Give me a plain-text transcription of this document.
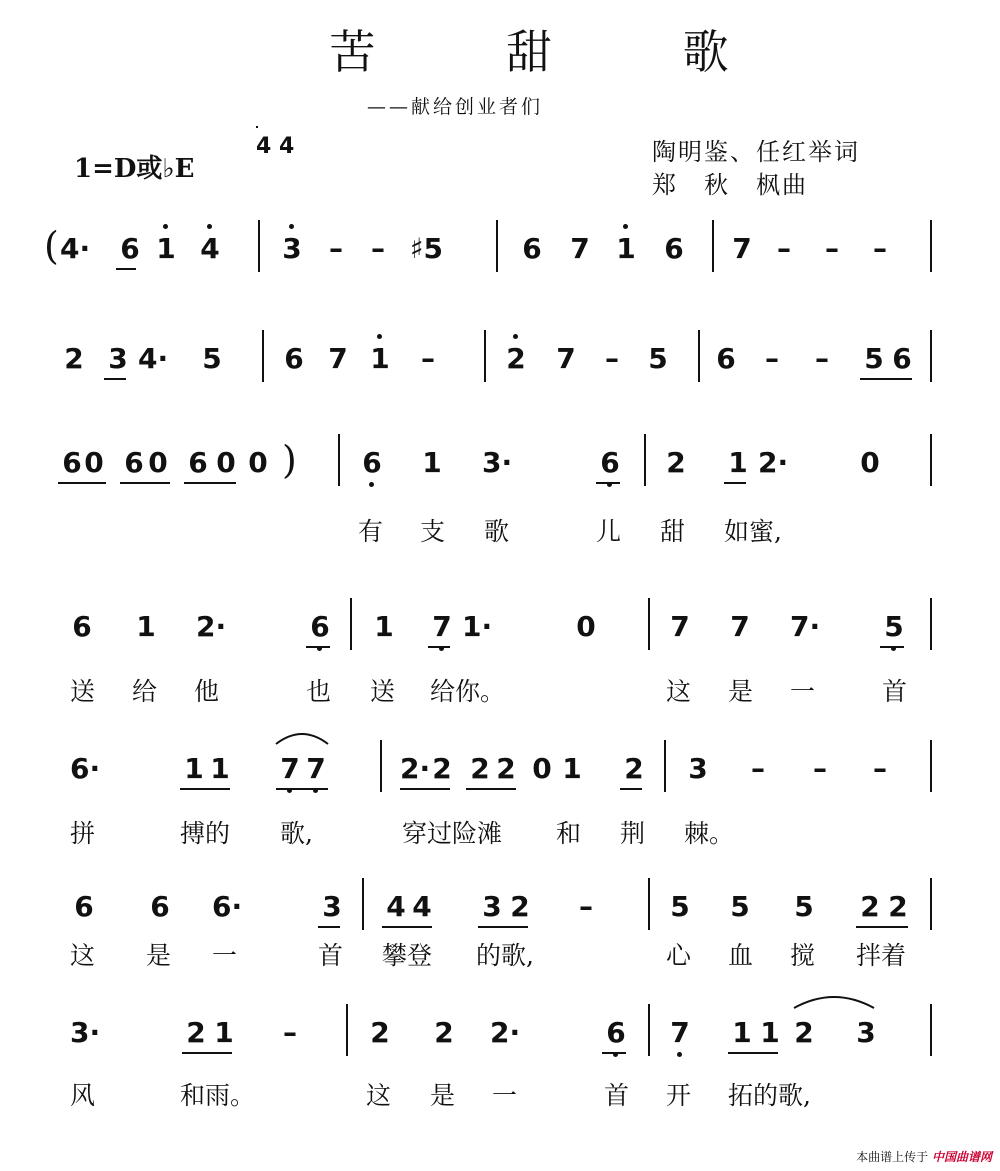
苦 甜 歌
——献给创业者们
1=D或♭E
4 4	陶明鉴、任红举词
郑　秋　枫曲
( 4· 6 1 4 3 – – ♯5	6 7 1 6 7 – – –
2 3 4· 5 6 7 1 –	2 7 – 5 6 – – 5 6
6 0 6 0 6 0 0 ) 6 1 3·	6 2 1 2·	0
有 支 歌	儿 甜 如蜜,
6 1 2·	6 1 7 1·	0	7 7 7· 5
送 给 他	也 送 给你。	这 是 一	首
6·	1 1 7 7	2· 2 2 2 0 1 2 3 – – –
拼	搏的 歌,	穿过险滩 和 荆 棘。
6 6 6·	3 4 4 3 2 –	5 5 5 2 2
这 是 一	首 攀登 的歌,	心 血 搅 拌着
3·	2 1 –	2 2 2·	6 7 1 1 2 3
风	和雨。	这 是 一	首 开 拓的歌,
本曲谱上传于 中国曲谱网
